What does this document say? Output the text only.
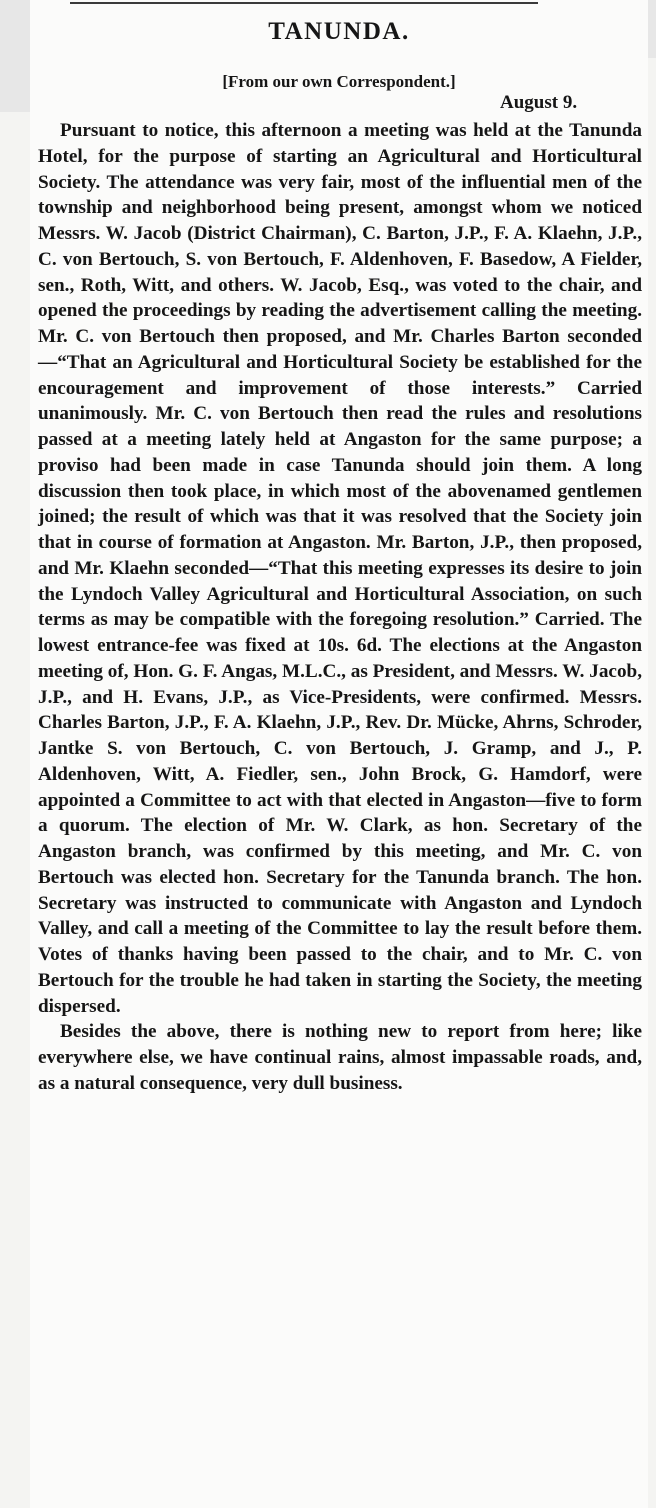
TANUNDA.
[From our own Correspondent.]
August 9.

Pursuant to notice, this afternoon a meeting was held at the Tanunda Hotel, for the purpose of starting an Agricultural and Horticultural Society. The attendance was very fair, most of the influential men of the township and neighborhood being present, amongst whom we noticed Messrs. W. Jacob (District Chairman), C. Barton, J.P., F. A. Klaehn, J.P., C. von Bertouch, S. von Bertouch, F. Aldenhoven, F. Basedow, A Fielder, sen., Roth, Witt, and others. W. Jacob, Esq., was voted to the chair, and opened the proceedings by reading the advertisement calling the meeting. Mr. C. von Bertouch then proposed, and Mr. Charles Barton seconded—“That an Agricultural and Horticultural Society be established for the encouragement and improvement of those interests.” Carried unanimously. Mr. C. von Bertouch then read the rules and resolutions passed at a meeting lately held at Angaston for the same purpose; a proviso had been made in case Tanunda should join them. A long discussion then took place, in which most of the abovenamed gentlemen joined; the result of which was that it was resolved that the Society join that in course of formation at Angaston. Mr. Barton, J.P., then proposed, and Mr. Klaehn seconded—“That this meeting expresses its desire to join the Lyndoch Valley Agricultural and Horticultural Association, on such terms as may be compatible with the foregoing resolution.” Carried. The lowest entrance-fee was fixed at 10s. 6d. The elections at the Angaston meeting of, Hon. G. F. Angas, M.L.C., as President, and Messrs. W. Jacob, J.P., and H. Evans, J.P., as Vice-Presidents, were confirmed. Messrs. Charles Barton, J.P., F. A. Klaehn, J.P., Rev. Dr. Mücke, Ahrns, Schroder, Jantke S. von Bertouch, C. von Bertouch, J. Gramp, and J., P. Aldenhoven, Witt, A. Fiedler, sen., John Brock, G. Hamdorf, were appointed a Committee to act with that elected in Angaston—five to form a quorum. The election of Mr. W. Clark, as hon. Secretary of the Angaston branch, was confirmed by this meeting, and Mr. C. von Bertouch was elected hon. Secretary for the Tanunda branch. The hon. Secretary was instructed to communicate with Angaston and Lyndoch Valley, and call a meeting of the Committee to lay the result before them. Votes of thanks having been passed to the chair, and to Mr. C. von Bertouch for the trouble he had taken in starting the Society, the meeting dispersed.

Besides the above, there is nothing new to report from here; like everywhere else, we have continual rains, almost impassable roads, and, as a natural consequence, very dull business.
